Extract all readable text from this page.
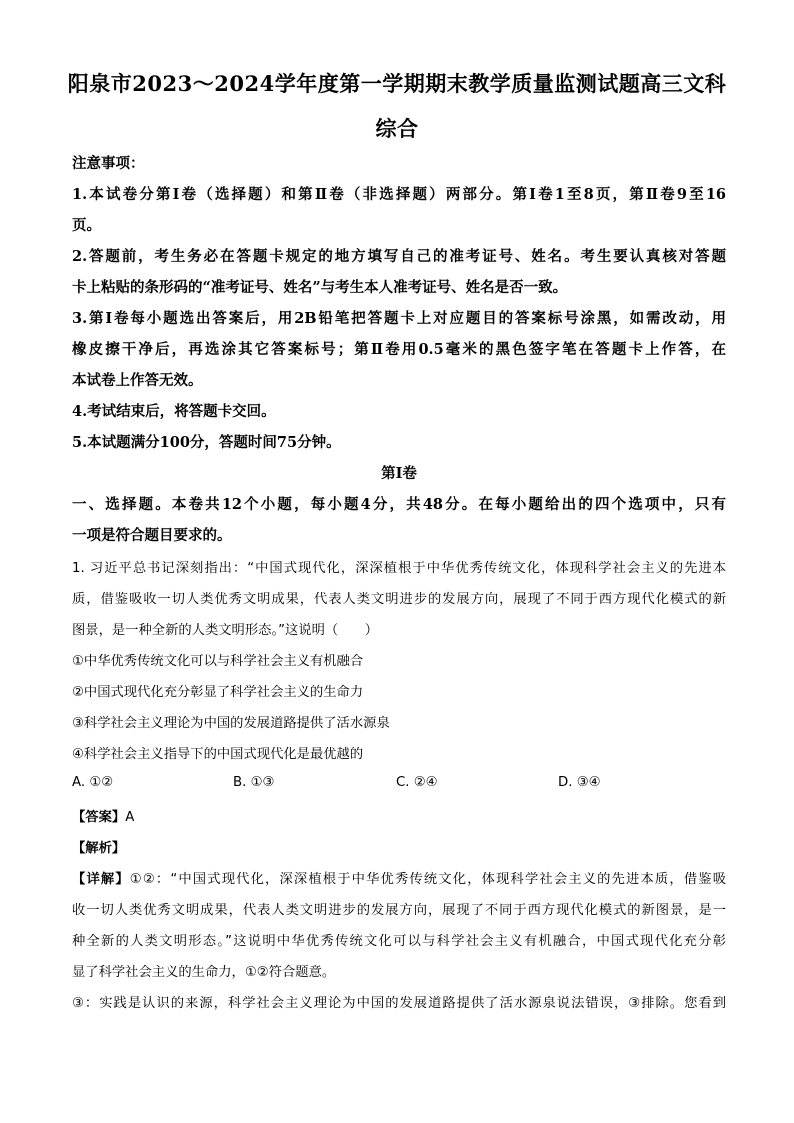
阳泉市2023～2024学年度第一学期期末教学质量监测试题高三文科
综合
注意事项：
1.本试卷分第Ⅰ卷（选择题）和第Ⅱ卷（非选择题）两部分。第Ⅰ卷1至8页，第Ⅱ卷9至16
页。
2.答题前，考生务必在答题卡规定的地方填写自己的准考证号、姓名。考生要认真核对答题
卡上粘贴的条形码的“准考证号、姓名”与考生本人准考证号、姓名是否一致。
3.第Ⅰ卷每小题选出答案后，用2B铅笔把答题卡上对应题目的答案标号涂黑，如需改动，用
橡皮擦干净后，再选涂其它答案标号；第Ⅱ卷用0.5毫米的黑色签字笔在答题卡上作答，在
本试卷上作答无效。
4.考试结束后，将答题卡交回。
5.本试题满分100分，答题时间75分钟。
第Ⅰ卷
一、选择题。本卷共12个小题，每小题4分，共48分。在每小题给出的四个选项中，只有
一项是符合题目要求的。
1. 习近平总书记深刻指出：“中国式现代化，深深植根于中华优秀传统文化，体现科学社会主义的先进本
质，借鉴吸收一切人类优秀文明成果，代表人类文明进步的发展方向，展现了不同于西方现代化模式的新
图景，是一种全新的人类文明形态。”这说明（　　）
①中华优秀传统文化可以与科学社会主义有机融合
②中国式现代化充分彰显了科学社会主义的生命力
③科学社会主义理论为中国的发展道路提供了活水源泉
④科学社会主义指导下的中国式现代化是最优越的
A. ①②	B. ①③	C. ②④	D. ③④
【答案】A
【解析】
【详解】①②：“中国式现代化，深深植根于中华优秀传统文化，体现科学社会主义的先进本质，借鉴吸
收一切人类优秀文明成果，代表人类文明进步的发展方向，展现了不同于西方现代化模式的新图景，是一
种全新的人类文明形态。”这说明中华优秀传统文化可以与科学社会主义有机融合，中国式现代化充分彰
显了科学社会主义的生命力，①②符合题意。
③：实践是认识的来源，科学社会主义理论为中国的发展道路提供了活水源泉说法错误，③排除。您看到
